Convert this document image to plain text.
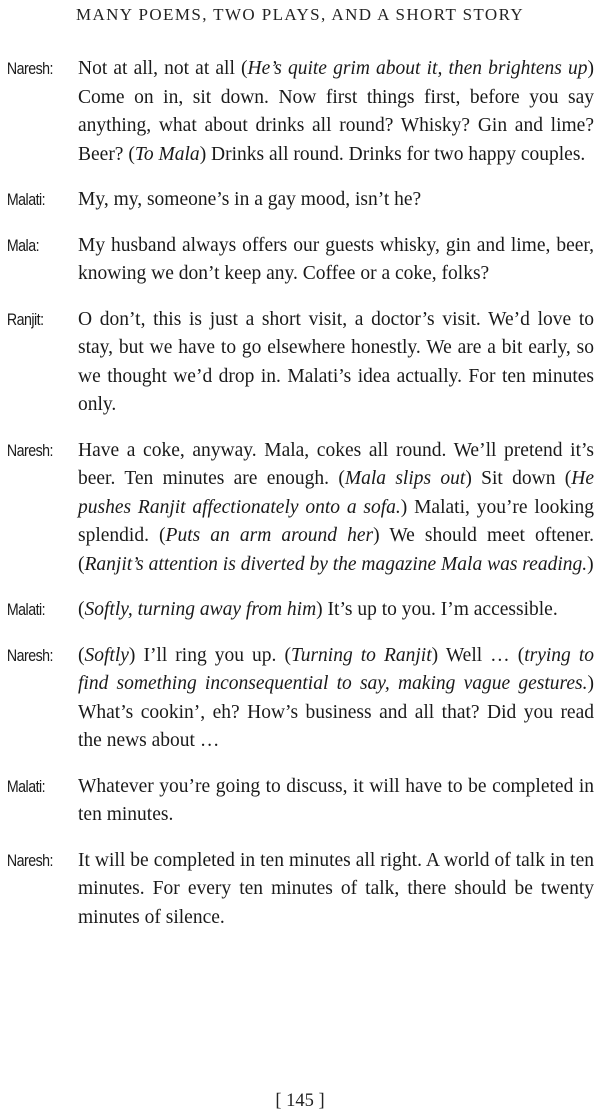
MANY POEMS, TWO PLAYS, AND A SHORT STORY
Naresh:	Not at all, not at all (He’s quite grim about it, then brightens up) Come on in, sit down. Now first things first, before you say anything, what about drinks all round? Whisky? Gin and lime? Beer? (To Mala) Drinks all round. Drinks for two happy couples.
Malati:	My, my, someone’s in a gay mood, isn’t he?
Mala:	My husband always offers our guests whisky, gin and lime, beer, knowing we don’t keep any. Coffee or a coke, folks?
Ranjit:	O don’t, this is just a short visit, a doctor’s visit. We’d love to stay, but we have to go elsewhere honestly. We are a bit early, so we thought we’d drop in. Malati’s idea actually. For ten minutes only.
Naresh:	Have a coke, anyway. Mala, cokes all round. We’ll pretend it’s beer. Ten minutes are enough. (Mala slips out) Sit down (He pushes Ranjit affectionately onto a sofa.) Malati, you’re looking splendid. (Puts an arm around her) We should meet oftener. (Ranjit’s attention is diverted by the magazine Mala was reading.)
Malati:	(Softly, turning away from him) It’s up to you. I’m accessible.
Naresh:	(Softly) I’ll ring you up. (Turning to Ranjit) Well … (trying to find something inconsequential to say, making vague gestures.) What’s cookin’, eh? How’s business and all that? Did you read the news about …
Malati:	Whatever you’re going to discuss, it will have to be completed in ten minutes.
Naresh:	It will be completed in ten minutes all right. A world of talk in ten minutes. For every ten minutes of talk, there should be twenty minutes of silence.
[ 145 ]
